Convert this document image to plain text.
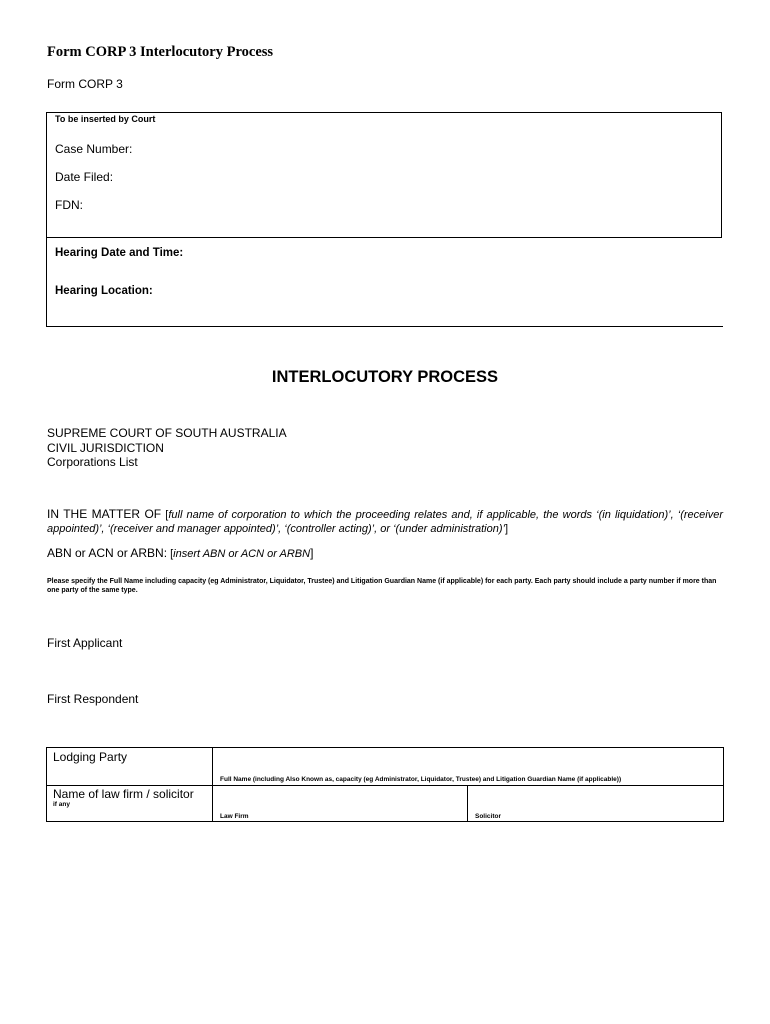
Form CORP 3 Interlocutory Process
Form CORP 3
To be inserted by Court
Case Number:
Date Filed:
FDN:
Hearing Date and Time:
Hearing Location:
INTERLOCUTORY PROCESS
SUPREME COURT OF SOUTH AUSTRALIA
CIVIL JURISDICTION
Corporations List
IN THE MATTER OF [full name of corporation to which the proceeding relates and, if applicable, the words ‘(in liquidation)’, ‘(receiver appointed)’, ‘(receiver and manager appointed)’, ‘(controller acting)’, or ‘(under administration)’]
ABN or ACN or ARBN: [insert ABN or ACN or ARBN]
Please specify the Full Name including capacity (eg Administrator, Liquidator, Trustee) and Litigation Guardian Name (if applicable) for each party. Each party should include a party number if more than one party of the same type.
First Applicant
First Respondent
Lodging Party	Full Name (including Also Known as, capacity (eg Administrator, Liquidator, Trustee) and Litigation Guardian Name (if applicable))	

Name of law firm / solicitor
if any	Law Firm	Solicitor
